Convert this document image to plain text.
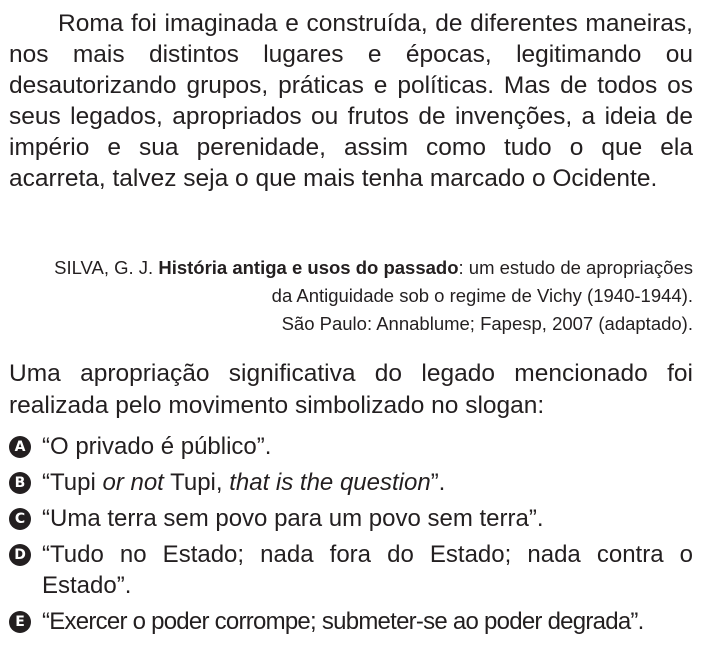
Roma foi imaginada e construída, de diferentes maneiras, nos mais distintos lugares e épocas, legitimando ou desautorizando grupos, práticas e políticas. Mas de todos os seus legados, apropriados ou frutos de invenções, a ideia de império e sua perenidade, assim como tudo o que ela acarreta, talvez seja o que mais tenha marcado o Ocidente.

SILVA, G. J. História antiga e usos do passado: um estudo de apropriações da Antiguidade sob o regime de Vichy (1940-1944).
São Paulo: Annablume; Fapesp, 2007 (adaptado).

Uma apropriação significativa do legado mencionado foi realizada pelo movimento simbolizado no slogan:

A “O privado é público”.
B “Tupi or not Tupi, that is the question”.
C “Uma terra sem povo para um povo sem terra”.
D “Tudo no Estado; nada fora do Estado; nada contra o Estado”.
E “Exercer o poder corrompe; submeter-se ao poder degrada”.
